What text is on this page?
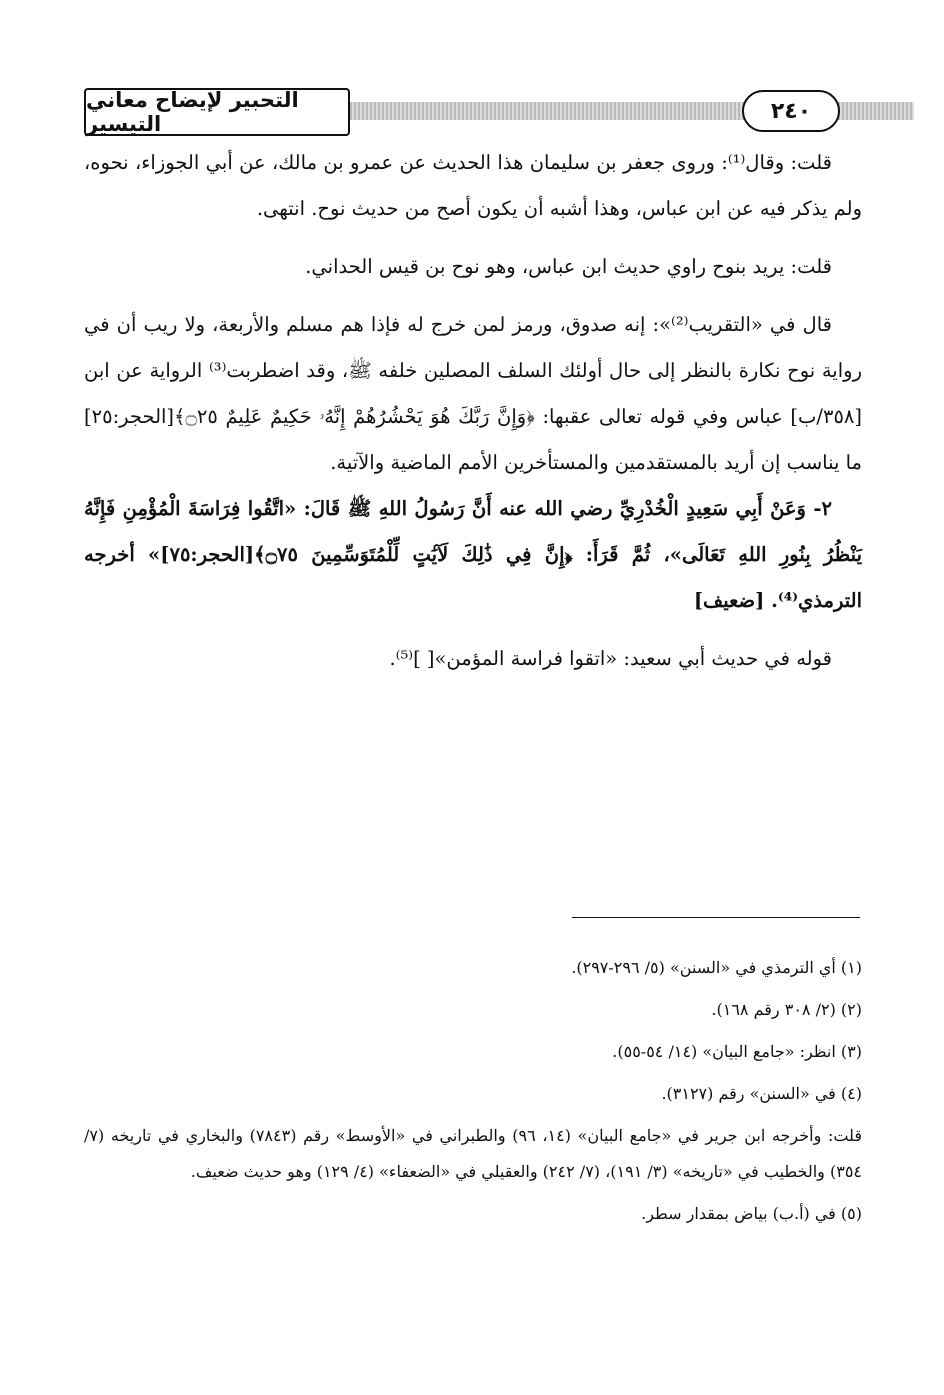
التحبير لإيضاح معاني التيسير
٢٤٠

قلت: وقال⁽¹⁾: وروى جعفر بن سليمان هذا الحديث عن عمرو بن مالك، عن أبي الجوزاء، نحوه، ولم يذكر فيه عن ابن عباس، وهذا أشبه أن يكون أصح من حديث نوح. انتهى.

قلت: يريد بنوح راوي حديث ابن عباس، وهو نوح بن قيس الحداني.

قال في «التقريب⁽²⁾»: إنه صدوق، ورمز لمن خرج له فإذا هم مسلم والأربعة، ولا ريب أن في رواية نوح نكارة بالنظر إلى حال أولئك السلف المصلين خلفه ﷺ، وقد اضطربت⁽³⁾ الرواية عن ابن [٣٥٨/ب] عباس وفي قوله تعالى عقبها: ﴿وَإِنَّ رَبَّكَ هُوَ يَحْشُرُهُمْ إِنَّهُۥ حَكِيمٌ عَلِيمٌ ۝٢٥﴾[الحجر:٢٥] ما يناسب إن أريد بالمستقدمين والمستأخرين الأمم الماضية والآتية.

٢- وَعَنْ أَبِي سَعِيدٍ الْخُدْرِيِّ رضي الله عنه أَنَّ رَسُولُ اللهِ ﷺ قَالَ: «اتَّقُوا فِرَاسَةَ الْمُؤْمِنِ فَإِنَّهُ يَنْظُرُ بِنُورِ اللهِ تَعَالَى»، ثُمَّ قَرَأَ: ﴿إِنَّ فِي ذَٰلِكَ لَآيَٰتٍ لِّلْمُتَوَسِّمِينَ ۝٧٥﴾[الحجر:٧٥]» أخرجه الترمذي⁽⁴⁾. [ضعيف]

قوله في حديث أبي سعيد: «اتقوا فراسة المؤمن»[ ]⁽⁵⁾.

(١) أي الترمذي في «السنن» (٥/ ٢٩٦-٢٩٧).

(٢) (٢/ ٣٠٨ رقم ١٦٨).

(٣) انظر: «جامع البيان» (١٤/ ٥٤-٥٥).

(٤) في «السنن» رقم (٣١٢٧).

قلت: وأخرجه ابن جرير في «جامع البيان» (١٤، ٩٦) والطبراني في «الأوسط» رقم (٧٨٤٣) والبخاري في تاريخه (٧/ ٣٥٤) والخطيب في «تاريخه» (٣/ ١٩١)، (٧/ ٢٤٢) والعقيلي في «الضعفاء» (٤/ ١٢٩) وهو حديث ضعيف.

(٥) في (أ.ب) بياض بمقدار سطر.
